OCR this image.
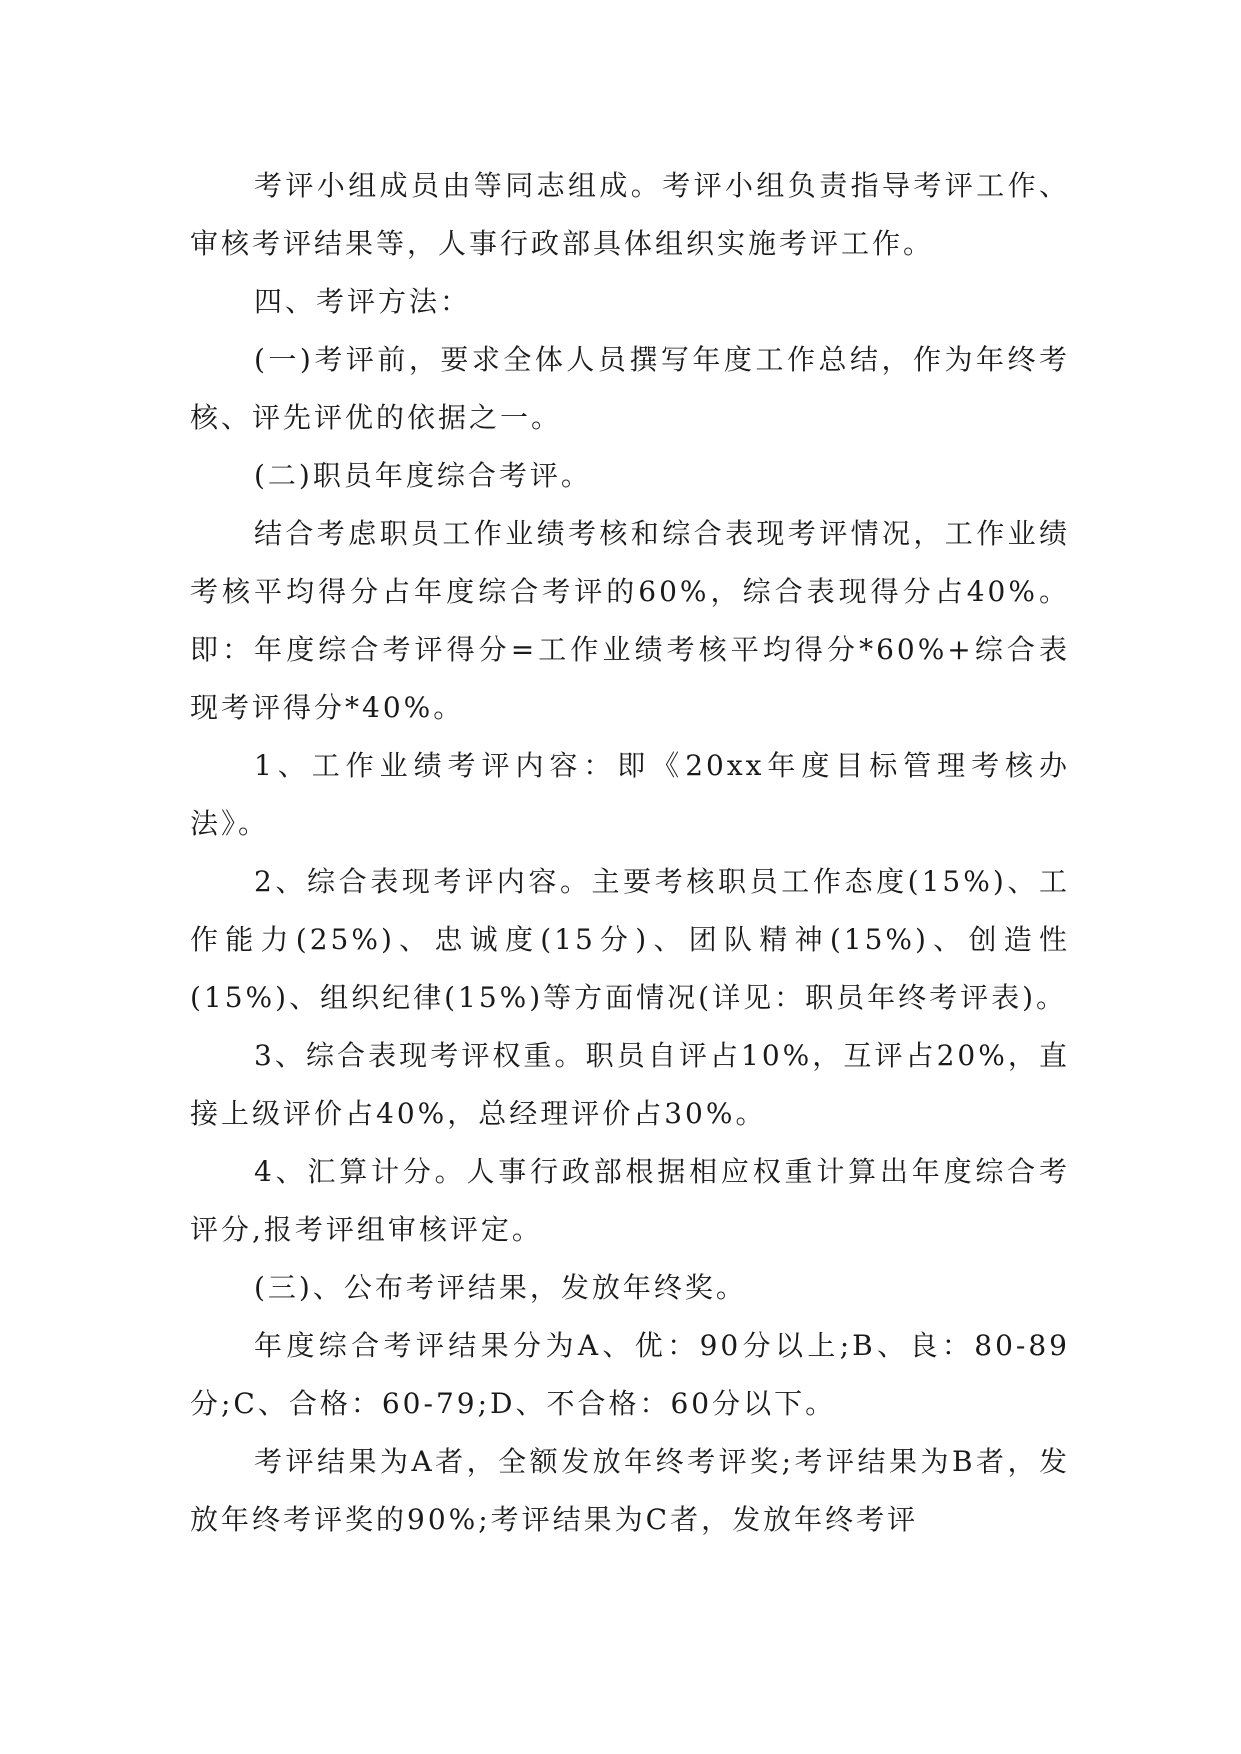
考评小组成员由等同志组成。考评小组负责指导考评工作、审核考评结果等，人事行政部具体组织实施考评工作。

四、考评方法：

(一)考评前，要求全体人员撰写年度工作总结，作为年终考核、评先评优的依据之一。

(二)职员年度综合考评。

结合考虑职员工作业绩考核和综合表现考评情况，工作业绩考核平均得分占年度综合考评的60%，综合表现得分占40%。即：年度综合考评得分=工作业绩考核平均得分*60%+综合表现考评得分*40%。

1、工作业绩考评内容：即《20xx年度目标管理考核办法》。

2、综合表现考评内容。主要考核职员工作态度(15%)、工作能力(25%)、忠诚度(15分)、团队精神(15%)、创造性(15%)、组织纪律(15%)等方面情况(详见：职员年终考评表)。

3、综合表现考评权重。职员自评占10%，互评占20%，直接上级评价占40%，总经理评价占30%。

4、汇算计分。人事行政部根据相应权重计算出年度综合考评分,报考评组审核评定。

(三)、公布考评结果，发放年终奖。

年度综合考评结果分为A、优：90分以上;B、良：80-89分;C、合格：60-79;D、不合格：60分以下。

考评结果为A者，全额发放年终考评奖;考评结果为B者，发放年终考评奖的90%;考评结果为C者，发放年终考评
